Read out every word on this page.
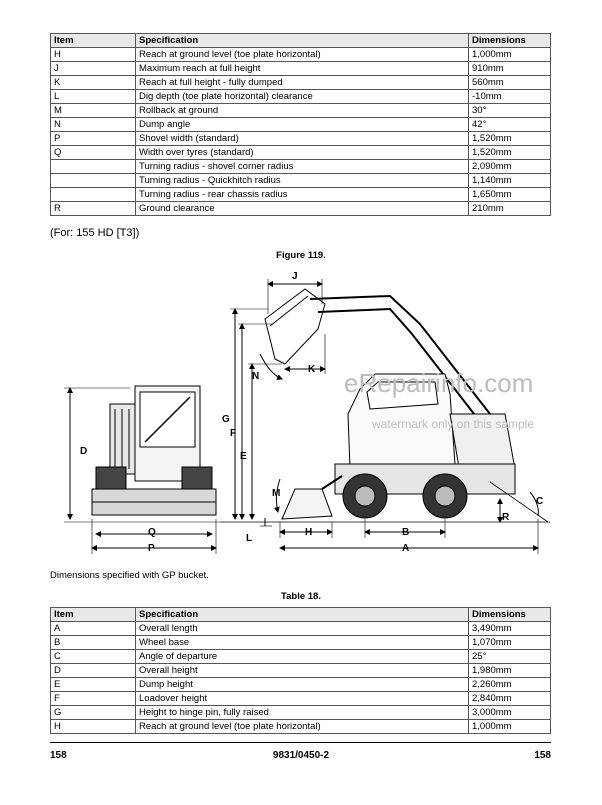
Item	Specification	Dimensions
H	Reach at ground level (toe plate horizontal)	1,000mm
J	Maximum reach at full height	910mm
K	Reach at full height - fully dumped	560mm
L	Dig depth (toe plate horizontal) clearance	-10mm
M	Rollback at ground	30°
N	Dump angle	42°
P	Shovel width (standard)	1,520mm
Q	Width over tyres (standard)	1,520mm
	Turning radius - shovel corner radius	2,090mm
	Turning radius - Quickhitch radius	1,140mm
	Turning radius - rear chassis radius	1,650mm
R	Ground clearance	210mm
(For: 155 HD [T3])
Figure 119.
D
Q
P
G
F
E
J
K
N
M
H
L
B
A
R
C
eRepairinfo.com
watermark only on this sample
Dimensions specified with GP bucket.
Table 18.
Item	Specification	Dimensions
A	Overall length	3,490mm
B	Wheel base	1,070mm
C	Angle of departure	25°
D	Overall height	1,980mm
E	Dump height	2,260mm
F	Loadover height	2,840mm
G	Height to hinge pin, fully raised	3,000mm
H	Reach at ground level (toe plate horizontal)	1,000mm
158	9831/0450-2	158
